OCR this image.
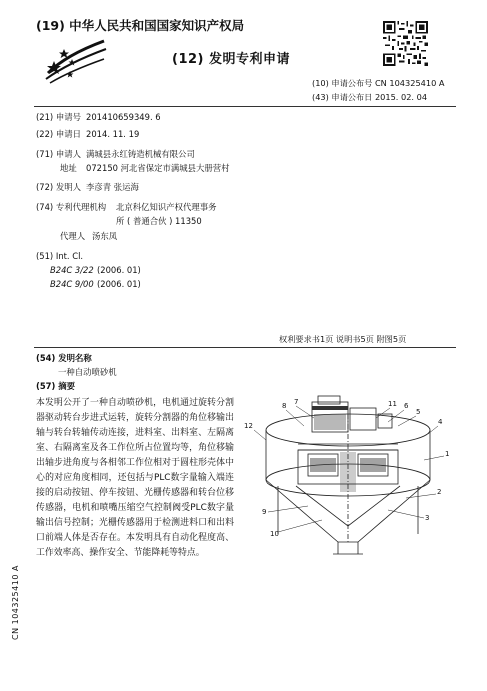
(19) 中华人民共和国国家知识产权局
(12) 发明专利申请
(10) 申请公布号 CN 104325410 A
(43) 申请公布日 2015. 02. 04
(21) 申请号 201410659349. 6
(22) 申请日 2014. 11. 19
(71) 申请人 满城县永红铸造机械有限公司
地址 072150 河北省保定市满城县大册营村
(72) 发明人 李彦青 张运海
(74) 专利代理机构 北京科亿知识产权代理事务
所 ( 普通合伙 ) 11350
代理人 汤东凤
(51) Int. Cl.
B24C 3/22 (2006. 01)
B24C 9/00 (2006. 01)
权利要求书1页 说明书5页 附图5页
(54) 发明名称
一种自动喷砂机
(57) 摘要
本发明公开了一种自动喷砂机，电机通过旋转分割器驱动转台步进式运转，旋转分割器的角位移输出轴与转台转轴传动连接，进料室、出料室、左隔离室、右隔离室及各工作位所占位置均等，角位移输出轴步进角度与各相邻工作位相对于圆柱形壳体中心的对应角度相同，还包括与PLC数字量输入端连接的启动按钮、停车按钮、光栅传感器和转台位移传感器，电机和喷嘴压缩空气控制阀受PLC数字量输出信号控制；光栅传感器用于检测进料口和出料口前端人体是否存在。本发明具有自动化程度高、工作效率高、操作安全、节能降耗等特点。
12
8 7	11 6
5
4
1
2
3
9
10
CN 104325410 A
